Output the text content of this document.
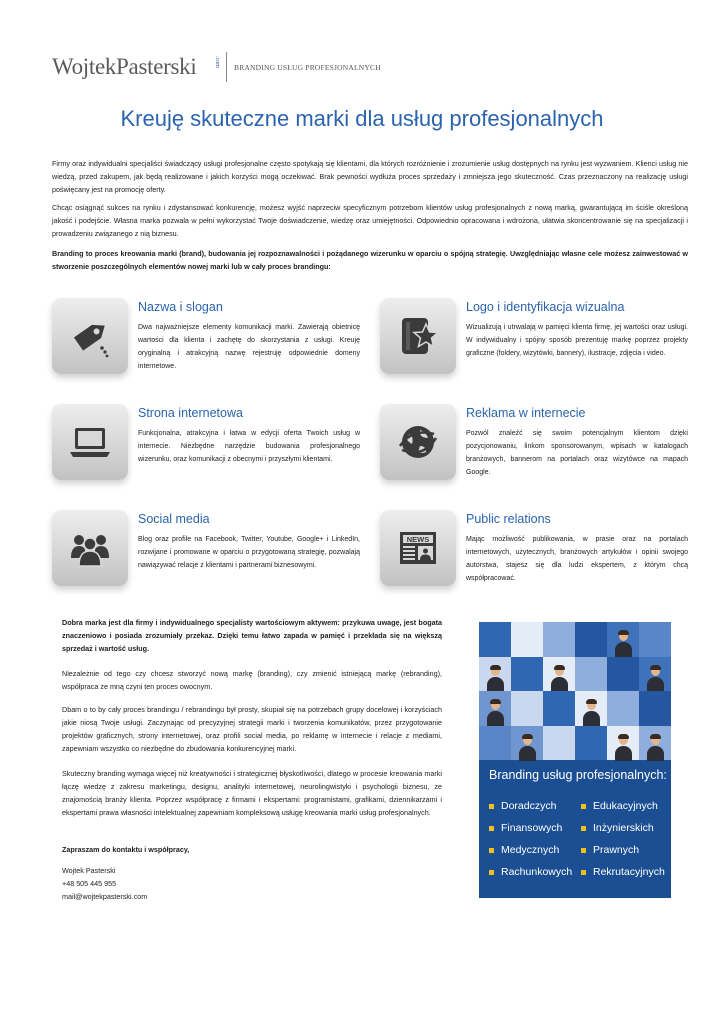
WojtekPasterski	.com BRANDING USŁUG PROFESJONALNYCH
Kreuję skuteczne marki dla usług profesjonalnych

Firmy oraz indywidualni specjaliści świadczący usługi profesjonalne często spotykają się klientami, dla których rozróżnienie i zrozumienie usług dostępnych na rynku jest wyzwaniem. Klienci usług nie wiedzą, przed zakupem, jak będą realizowane i jakich korzyści mogą oczekiwać. Brak pewności wydłuża proces sprzedaży i zmniejsza jego skuteczność. Czas przeznaczony na realizację usługi poświęcany jest na promocję oferty.

Chcąc osiągnąć sukces na rynku i zdystansować konkurencję, możesz wyjść naprzeciw specyficznym potrzebom klientów usług profesjonalnych z nową marką, gwarantującą im ściśle określoną jakość i podejście. Własna marka pozwala w pełni wykorzystać Twoje doświadczenie, wiedzę oraz umiejętności. Odpowiednio opracowana i wdrożona, ułatwia skoncentrowanie się na specjalizacji i prowadzeniu związanego z nią biznesu.

Branding to proces kreowania marki (brand), budowania jej rozpoznawalności i pożądanego wizerunku w oparciu o spójną strategię. Uwzględniając własne cele możesz zainwestować w stworzenie poszczególnych elementów nowej marki lub w cały proces brandingu:

Nazwa i slogan
Dwa najważniejsze elementy komunikacji marki. Zawierają obietnicę wartości dla klienta i zachętę do skorzystania z usługi. Kreuję oryginalną i atrakcyjną nazwę rejestruję odpowiednie domeny internetowe.
Logo i identyfikacja wizualna
Wizualizują i utrwalają w pamięci klienta firmę, jej wartości oraz usługi. W indywidualny i spójny sposób prezentuję markę poprzez projekty graficzne (foldery, wizytówki, bannery), ilustracje, zdjęcia i video.
Strona internetowa
Funkcjonalna, atrakcyjna i łatwa w edycji oferta Twoich usług w internecie. Niezbędne narzędzie budowania profesjonalnego wizerunku, oraz komunikacji z obecnymi i przyszłymi klientami.
Reklama w internecie
Pozwól znaleźć się swoim potencjalnym klientom dzięki pozycjonowaniu, linkom sponsorowanym, wpisach w katalogach branżowych, bannerom na portalach oraz wizytówce na mapach Google.
Social media
Blog oraz profile na Facebook, Twitter, Youtube, Google+ i LinkedIn, rozwijane i promowane w oparciu o przygotowaną strategię, pozwalają nawiązywać relacje z klientami i partnerami biznesowymi.
NEWS
Public relations
Mając możliwość publikowania, w prasie oraz na portalach internetowych, użytecznych, branżowych artykułów i opinii swojego autorstwa, stajesz się dla ludzi ekspertem, z którym chcą współpracować.

Dobra marka jest dla firmy i indywidualnego specjalisty wartościowym aktywem: przykuwa uwagę, jest bogata znaczeniowo i posiada zrozumiały przekaz. Dzięki temu łatwo zapada w pamięć i przekłada się na większą sprzedaż i wartość usług.

Niezależnie od tego czy chcesz stworzyć nową markę (branding), czy zmienić istniejącą markę (rebranding), współpraca ze mną czyni ten proces owocnym.

Dbam o to by cały proces brandingu / rebrandingu był prosty, skupiał się na potrzebach grupy docelowej i korzyściach jakie niosą Twoje usługi. Zaczynając od precyzyjnej strategii marki i tworzenia komunikatów, przez przygotowanie projektów graficznych, strony internetowej, oraz profili social media, po reklamę w internecie i relacje z mediami, zapewniam wszystko co niezbędne do zbudowania konkurencyjnej marki.

Skuteczny branding wymaga więcej niż kreatywności i strategicznej błyskotliwości, dlatego w procesie kreowania marki łączę wiedzę z zakresu marketingu, designu, analityki internetowej, neurolingwistyki i psychologii biznesu, ze znajomością branży klienta. Poprzez współpracę z firmami i ekspertami: programistami, grafikami, dziennikarzami i ekspertami prawa własności intelektualnej zapewniam kompleksową usługę kreowania marki usług profesjonalnych.

Zapraszam do kontaktu i współpracy,
Wojtek Pasterski
+48 505 445 955
mail@wojtekpasterski.com
Branding usług profesjonalnych:
Doradczych	Edukacyjnych
Finansowych	Inżynierskich
Medycznych	Prawnych
Rachunkowych Rekrutacyjnych
